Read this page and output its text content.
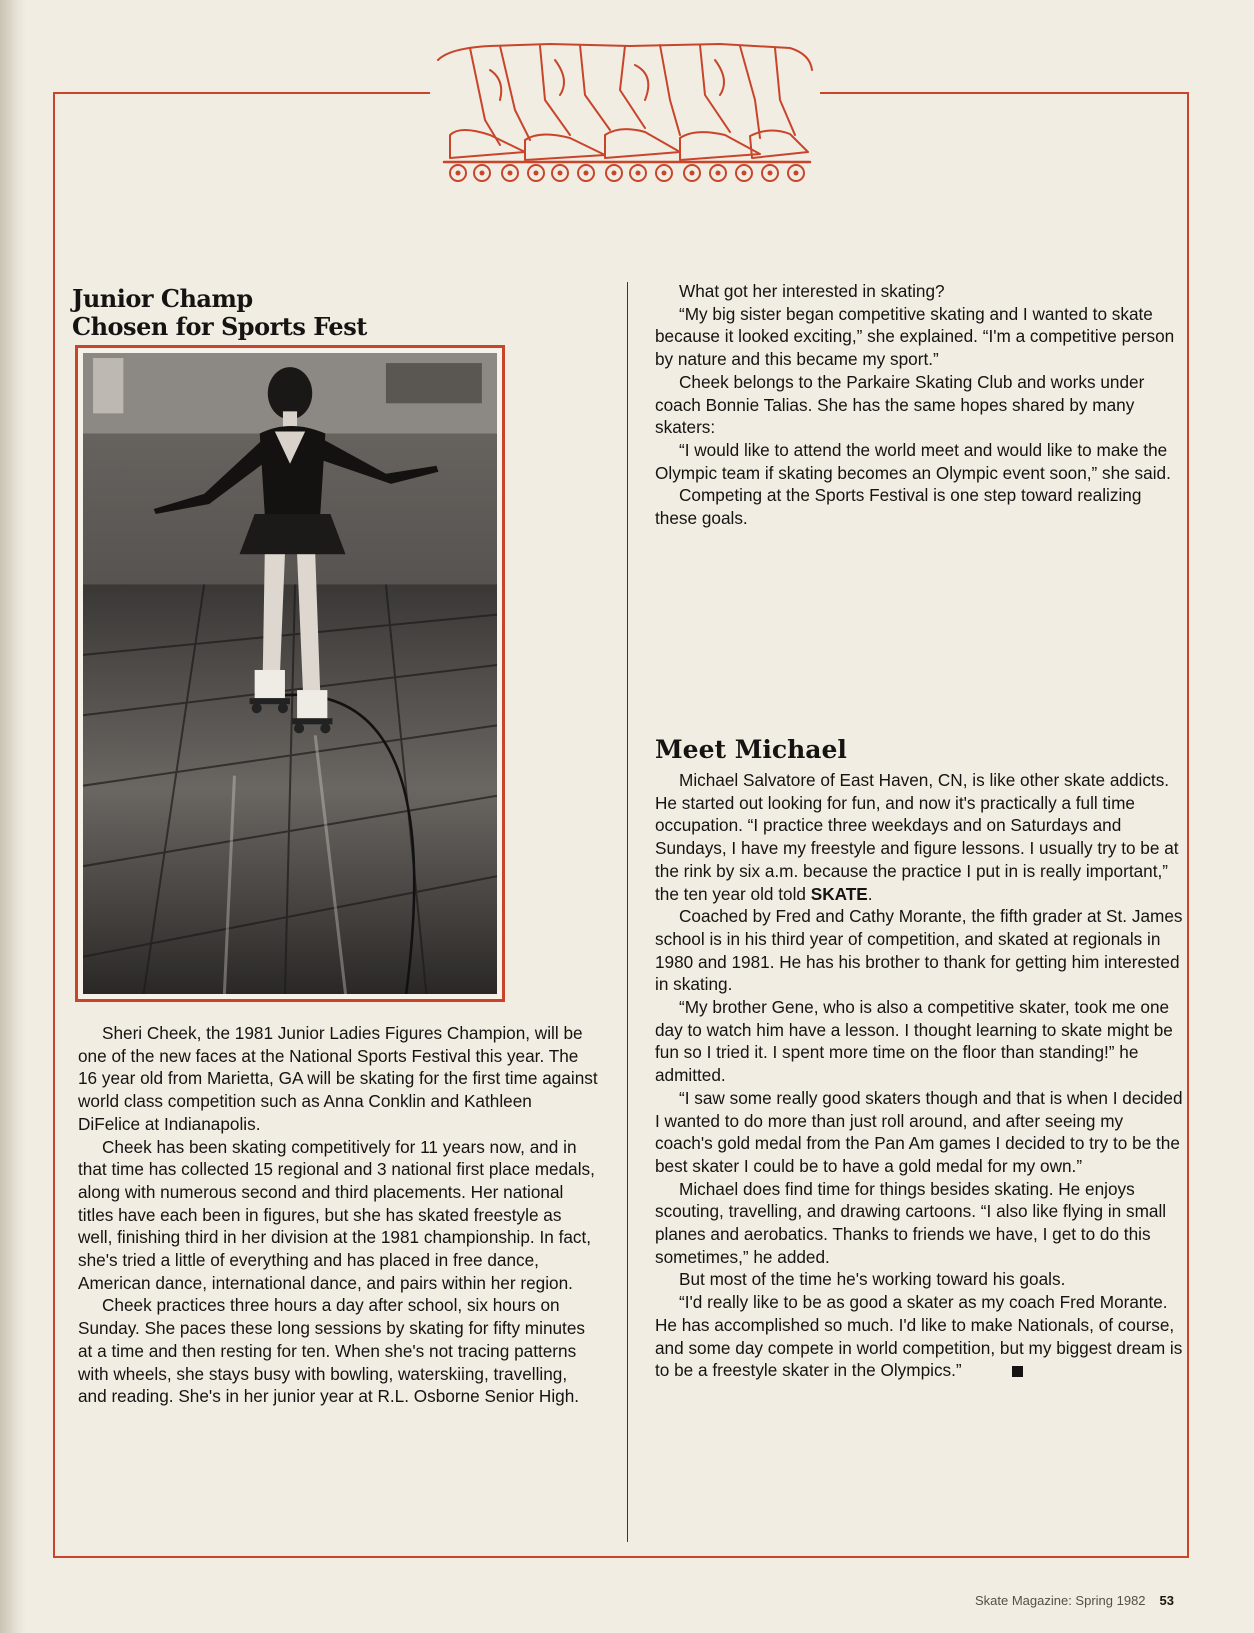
Junior Champ
Chosen for Sports Fest

Sheri Cheek, the 1981 Junior Ladies Figures Champion, will be one of the new faces at the National Sports Festival this year. The 16 year old from Marietta, GA will be skating for the first time against world class competition such as Anna Conklin and Kathleen DiFelice at Indianapolis.

Cheek has been skating competitively for 11 years now, and in that time has collected 15 regional and 3 national first place medals, along with numerous second and third placements. Her national titles have each been in figures, but she has skated freestyle as well, finishing third in her division at the 1981 championship. In fact, she's tried a little of everything and has placed in free dance, American dance, international dance, and pairs within her region.

Cheek practices three hours a day after school, six hours on Sunday. She paces these long sessions by skating for fifty minutes at a time and then resting for ten. When she's not tracing patterns with wheels, she stays busy with bowling, waterskiing, travelling, and reading. She's in her junior year at R.L. Osborne Senior High.

What got her interested in skating?

“My big sister began competitive skating and I wanted to skate because it looked exciting,” she explained. “I'm a competitive person by nature and this became my sport.”

Cheek belongs to the Parkaire Skating Club and works under coach Bonnie Talias. She has the same hopes shared by many skaters:

“I would like to attend the world meet and would like to make the Olympic team if skating becomes an Olympic event soon,” she said.

Competing at the Sports Festival is one step toward realizing these goals.

Meet Michael

Michael Salvatore of East Haven, CN, is like other skate addicts. He started out looking for fun, and now it's practically a full time occupation. “I practice three weekdays and on Saturdays and Sundays, I have my freestyle and figure lessons. I usually try to be at the rink by six a.m. because the practice I put in is really important,” the ten year old told SKATE.

Coached by Fred and Cathy Morante, the fifth grader at St. James school is in his third year of competition, and skated at regionals in 1980 and 1981. He has his brother to thank for getting him interested in skating.

“My brother Gene, who is also a competitive skater, took me one day to watch him have a lesson. I thought learning to skate might be fun so I tried it. I spent more time on the floor than standing!” he admitted.

“I saw some really good skaters though and that is when I decided I wanted to do more than just roll around, and after seeing my coach's gold medal from the Pan Am games I decided to try to be the best skater I could be to have a gold medal for my own.”

Michael does find time for things besides skating. He enjoys scouting, travelling, and drawing cartoons. “I also like flying in small planes and aerobatics. Thanks to friends we have, I get to do this sometimes,” he added.

But most of the time he's working toward his goals.

“I'd really like to be as good a skater as my coach Fred Morante. He has accomplished so much. I'd like to make Nationals, of course, and some day compete in world competition, but my biggest dream is to be a freestyle skater in the Olympics.”

Skate Magazine: Spring 1982 53
